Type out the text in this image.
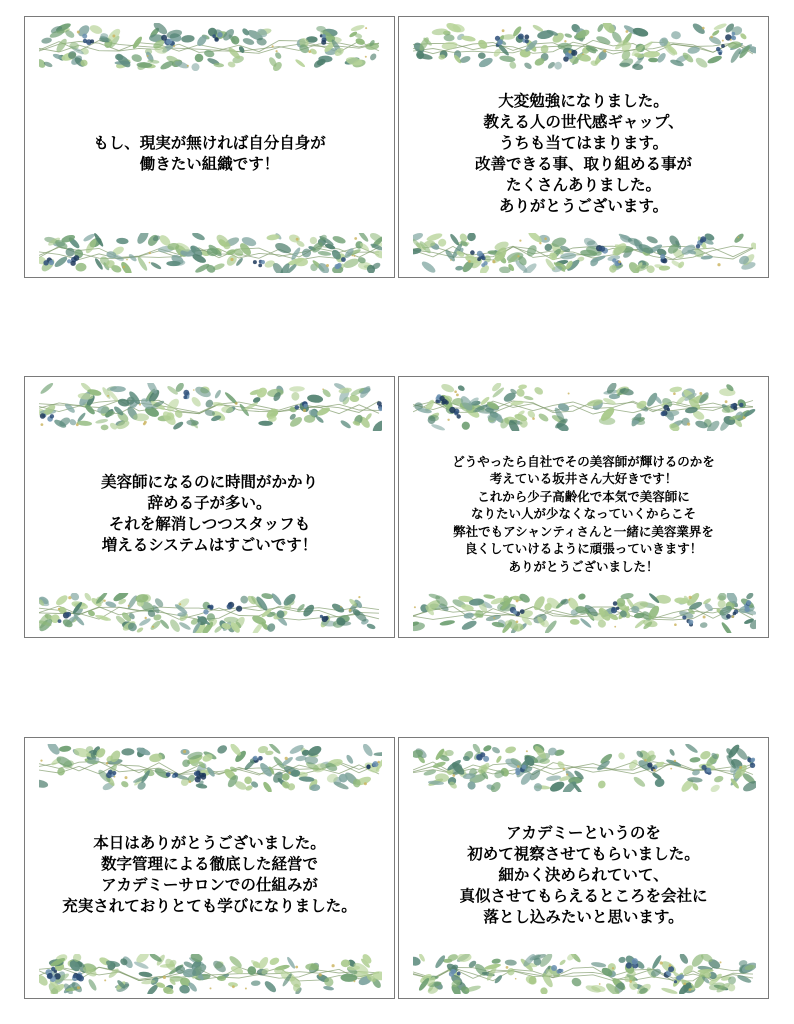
もし、現実が無ければ自分自身が
働きたい組織です！
大変勉強になりました。
教える人の世代感ギャップ、
うちも当てはまります。
改善できる事、取り組める事が
たくさんありました。
ありがとうございます。
美容師になるのに時間がかかり
辞める子が多い。
それを解消しつつスタッフも
増えるシステムはすごいです！
どうやったら自社でその美容師が輝けるのかを
考えている坂井さん大好きです！
これから少子高齢化で本気で美容師に
なりたい人が少なくなっていくからこそ
弊社でもアシャンティさんと一緒に美容業界を
良くしていけるように頑張っていきます！
ありがとうございました！
本日はありがとうございました。
数字管理による徹底した経営で
アカデミーサロンでの仕組みが
充実されておりとても学びになりました。
アカデミーというのを
初めて視察させてもらいました。
細かく決められていて、
真似させてもらえるところを会社に
落とし込みたいと思います。
